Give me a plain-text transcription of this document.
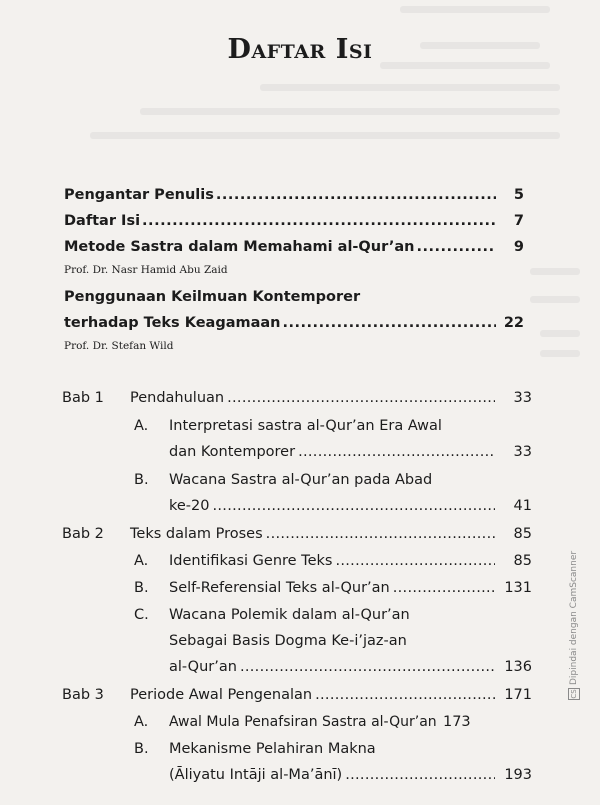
Daftar Isi
Pengantar Penulis .....	5
Daftar Isi .....	7
Metode Sastra dalam Memahami al-Qur’an .....	9
Prof. Dr. Nasr Hamid Abu Zaid
Penggunaan Keilmuan Kontemporer
terhadap Teks Keagamaan .....	22
Prof. Dr. Stefan Wild
Bab 1 Pendahuluan .....	33
A. Interpretasi sastra al-Qur’an Era Awal
dan Kontemporer .....	33
B. Wacana Sastra al-Qur’an pada Abad
ke-20 .....	41
Bab 2 Teks dalam Proses .....	85
A. Identifikasi Genre Teks .....	85
B. Self-Referensial Teks al-Qur’an .....	131
C. Wacana Polemik dalam al-Qur’an
Sebagai Basis Dogma Ke-i’jaz-an
al-Qur’an .....	136
Bab 3 Periode Awal Pengenalan .....	171
A. Awal Mula Penafsiran Sastra al-Qur’an 173
B. Mekanisme Pelahiran Makna
(Āliyatu Intāji al-Ma’ānī) .....	193
CSDipindai dengan CamScanner
